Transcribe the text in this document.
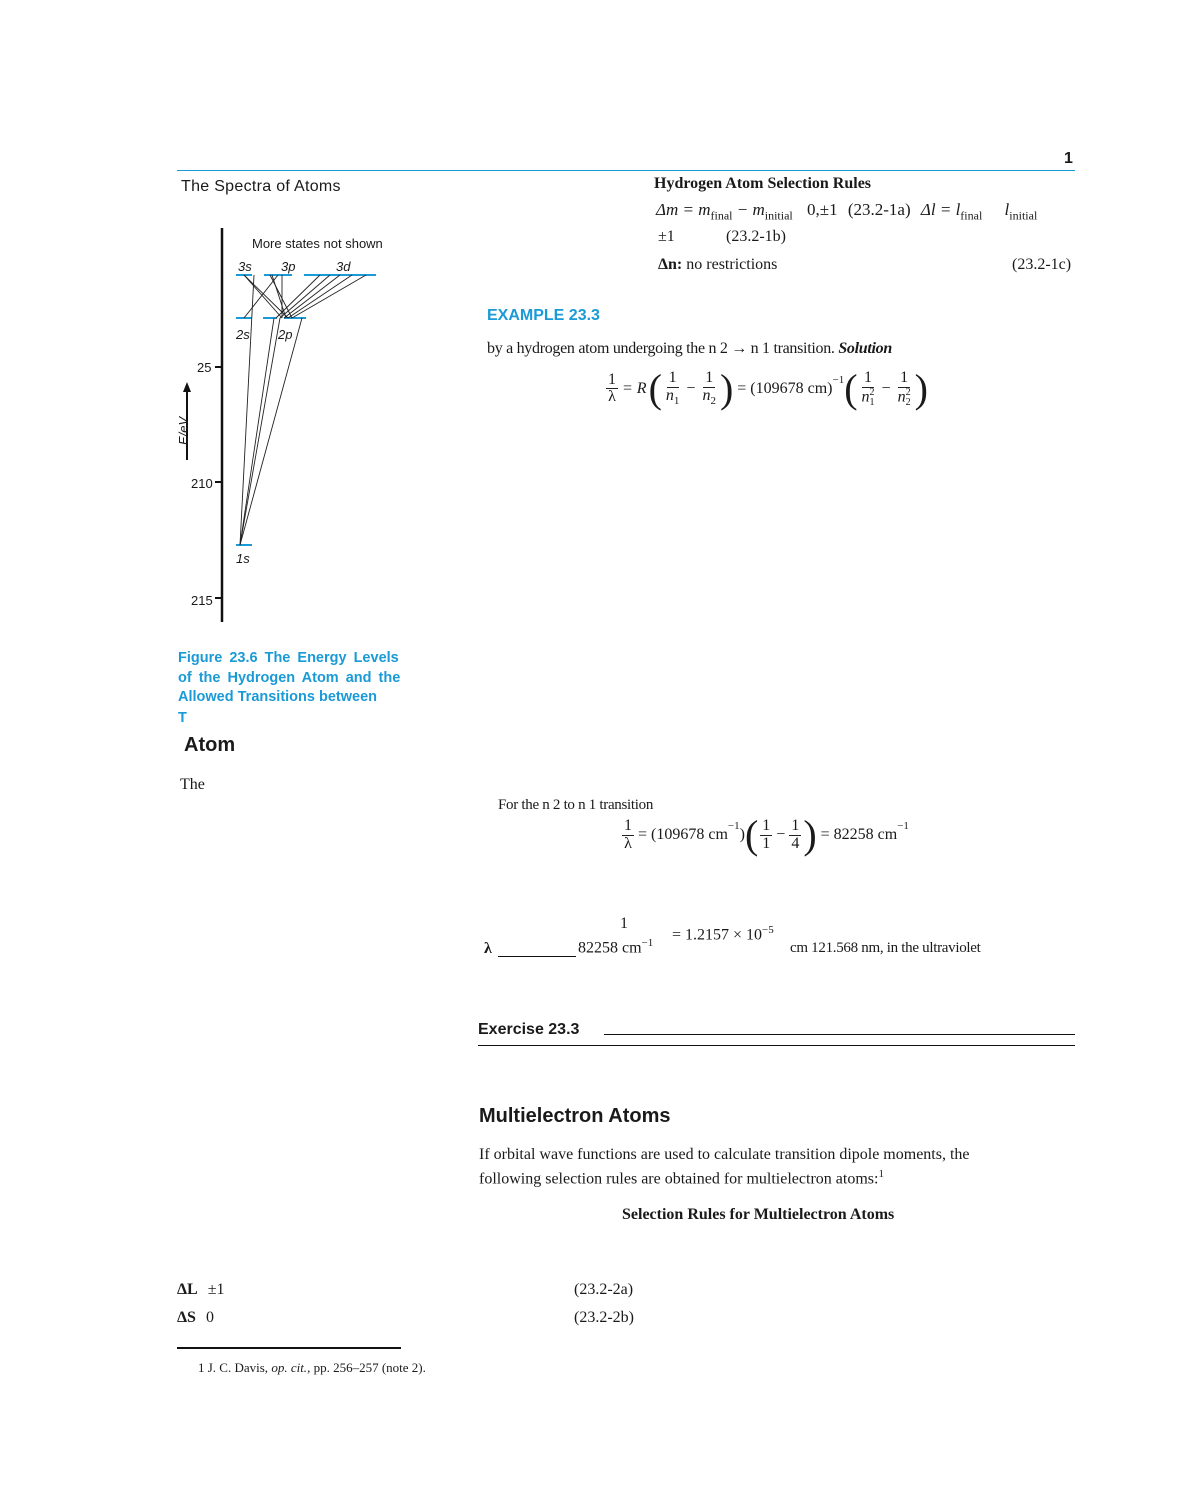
1
The Spectra of Atoms
More states not shown
3s 3p	3d
2s 2p
1s
E/eV
25
210
215
Figure 23.6 The Energy Levels
of the Hydrogen Atom and the
Allowed Transitions between
T
Atom
The
Hydrogen Atom Selection Rules
$\Delta m = m_{final} - m_{initial}$ 0,±1 (23.2-1a) $\Delta l = l_{final}$ $l_{initial}$
±1	(23.2-1b)
Δn: no restrictions	(23.2-1c)
EXAMPLE 23.3
by a hydrogen atom undergoing the n 2 → n 1 transition. Solution
$\frac{1}{\lambda} = R$ ( $\frac{1}{n_1} - \frac{1}{n_2}$ ) = (109678 cm)$^{-1}$ ( 1
n 2
1 − 1
n 2
2 )
For the n 2 to n 1 transition
$\frac{1}{\lambda} = (109678$ cm
$^{-1}$
) ( $\frac{1}{1} - \frac{1}{4}$ ) = 82258 cm
$^{-1}$
1
λ	82258 $cm^{-1} = 1.2157 \times 10^{-5}$
cm 121.568 nm, in the ultraviolet
Exercise 23.3
Multielectron Atoms
If orbital wave functions are used to calculate transition dipole moments, the
following selection rules are obtained for multielectron atoms:$^1$
Selection Rules for Multielectron Atoms
ΔL ±1	(23.2-2a)
ΔS 0	(23.2-2b)
1 J. C. Davis, op. cit., pp. 256–257 (note 2).
